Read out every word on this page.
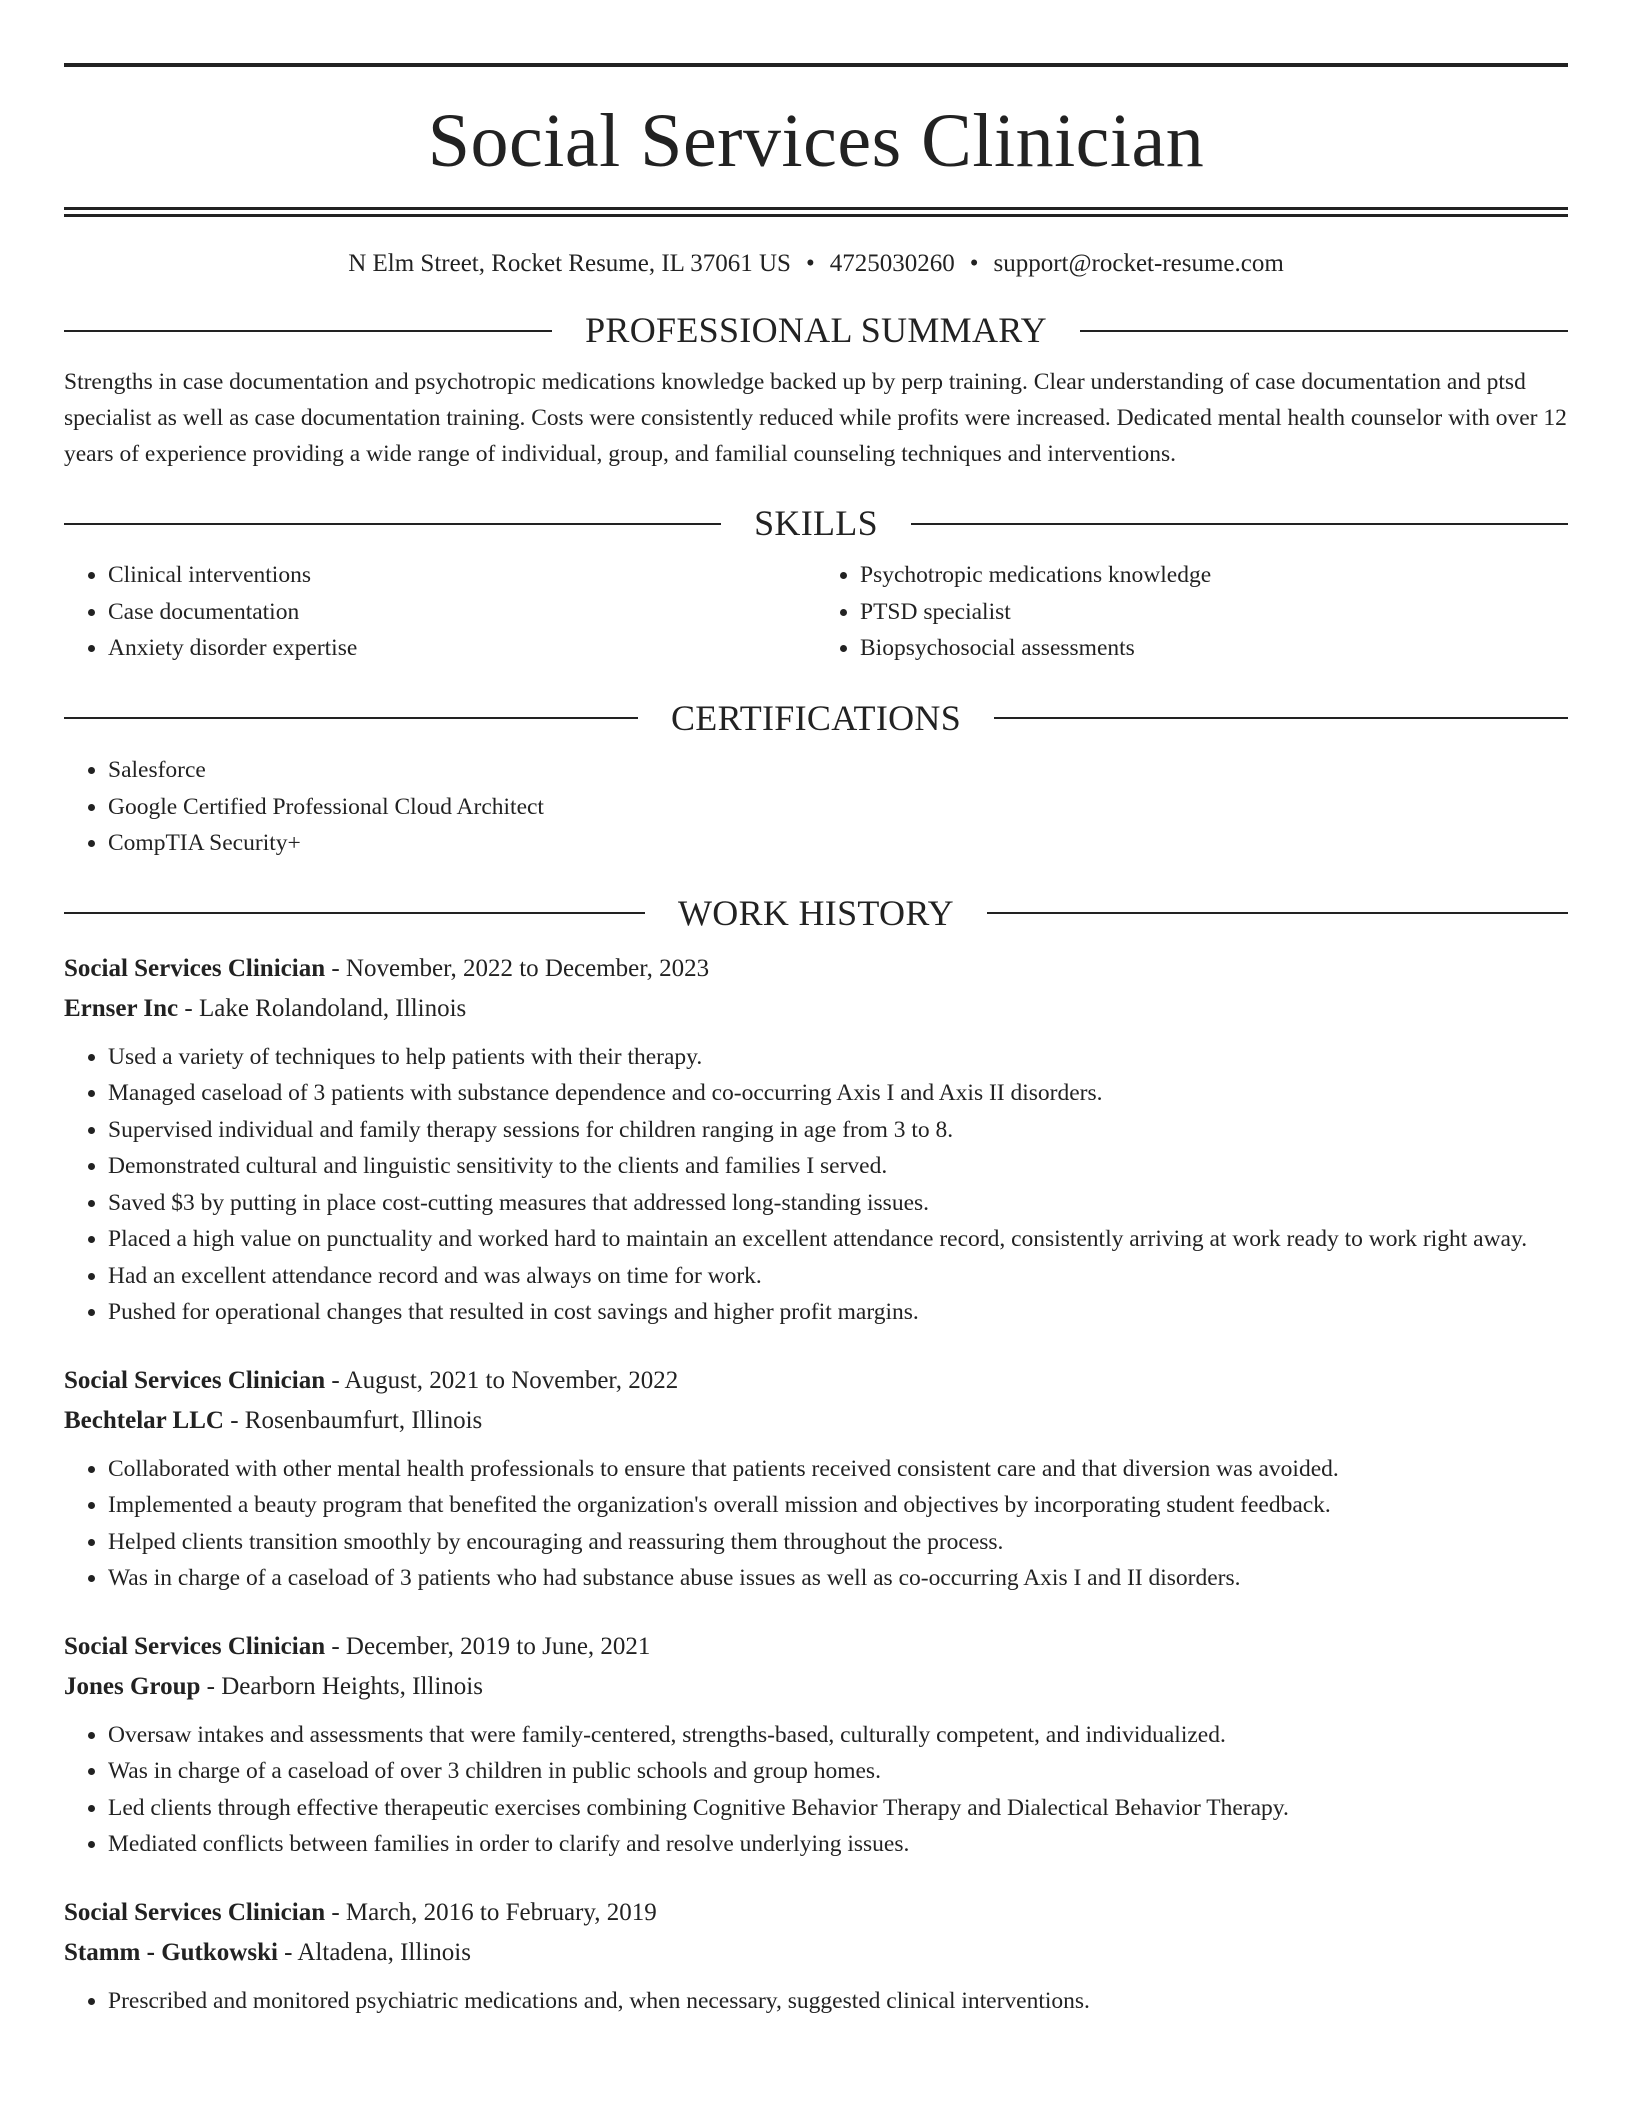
Social Services Clinician
N Elm Street, Rocket Resume, IL 37061 US • 4725030260 • support@rocket-resume.com
PROFESSIONAL SUMMARY

Strengths in case documentation and psychotropic medications knowledge backed up by perp training. Clear understanding of case documentation and ptsd specialist as well as case documentation training. Costs were consistently reduced while profits were increased. Dedicated mental health counselor with over 12 years of experience providing a wide range of individual, group, and familial counseling techniques and interventions.

SKILLS
• Clinical interventions
• Case documentation
• Anxiety disorder expertise
• Psychotropic medications knowledge
• PTSD specialist
• Biopsychosocial assessments
CERTIFICATIONS
• Salesforce
• Google Certified Professional Cloud Architect
• CompTIA Security+
WORK HISTORY
Social Services Clinician - November, 2022 to December, 2023
Ernser Inc - Lake Rolandoland, Illinois
• Used a variety of techniques to help patients with their therapy.
• Managed caseload of 3 patients with substance dependence and co-occurring Axis I and Axis II disorders.
• Supervised individual and family therapy sessions for children ranging in age from 3 to 8.
• Demonstrated cultural and linguistic sensitivity to the clients and families I served.
• Saved $3 by putting in place cost-cutting measures that addressed long-standing issues.
• Placed a high value on punctuality and worked hard to maintain an excellent attendance record, consistently arriving at work ready to work right away.
• Had an excellent attendance record and was always on time for work.
• Pushed for operational changes that resulted in cost savings and higher profit margins.
Social Services Clinician - August, 2021 to November, 2022
Bechtelar LLC - Rosenbaumfurt, Illinois
• Collaborated with other mental health professionals to ensure that patients received consistent care and that diversion was avoided.
• Implemented a beauty program that benefited the organization's overall mission and objectives by incorporating student feedback.
• Helped clients transition smoothly by encouraging and reassuring them throughout the process.
• Was in charge of a caseload of 3 patients who had substance abuse issues as well as co-occurring Axis I and II disorders.
Social Services Clinician - December, 2019 to June, 2021
Jones Group - Dearborn Heights, Illinois
• Oversaw intakes and assessments that were family-centered, strengths-based, culturally competent, and individualized.
• Was in charge of a caseload of over 3 children in public schools and group homes.
• Led clients through effective therapeutic exercises combining Cognitive Behavior Therapy and Dialectical Behavior Therapy.
• Mediated conflicts between families in order to clarify and resolve underlying issues.
Social Services Clinician - March, 2016 to February, 2019
Stamm - Gutkowski - Altadena, Illinois
• Prescribed and monitored psychiatric medications and, when necessary, suggested clinical interventions.
